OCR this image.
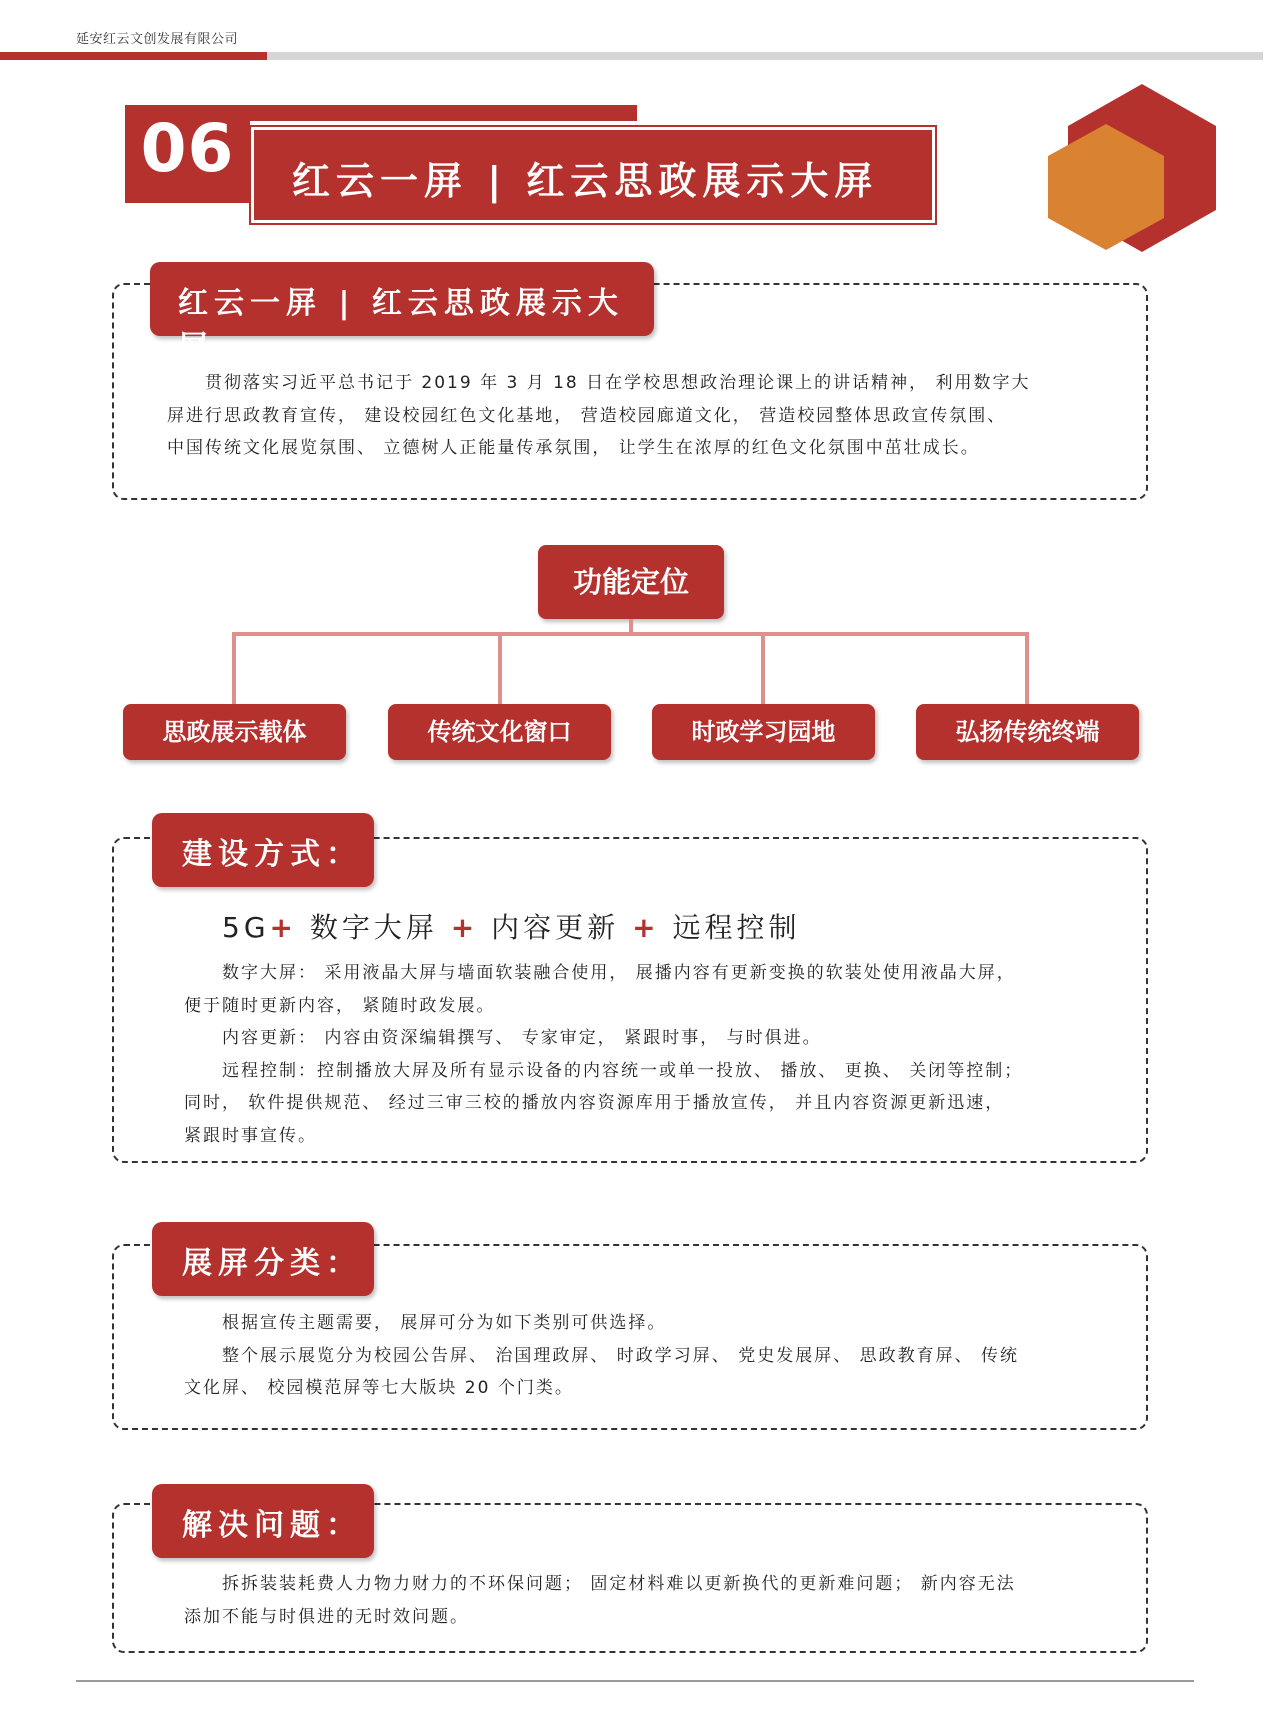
延安红云文创发展有限公司
06	红云一屏 | 红云思政展示大屏
红云一屏 | 红云思政展示大屏
　　贯彻落实习近平总书记于 2019 年 3 月 18 日在学校思想政治理论课上的讲话精神， 利用数字大
屏进行思政教育宣传， 建设校园红色文化基地， 营造校园廊道文化， 营造校园整体思政宣传氛围、
中国传统文化展览氛围、 立德树人正能量传承氛围， 让学生在浓厚的红色文化氛围中茁壮成长。
功能定位
思政展示载体	传统文化窗口	时政学习园地	弘扬传统终端
建设方式：
5G+ 数字大屏 + 内容更新 + 远程控制
　　数字大屏： 采用液晶大屏与墙面软装融合使用， 展播内容有更新变换的软装处使用液晶大屏，
便于随时更新内容， 紧随时政发展。
　　内容更新： 内容由资深编辑撰写、 专家审定， 紧跟时事， 与时俱进。
　　远程控制：控制播放大屏及所有显示设备的内容统一或单一投放、 播放、 更换、 关闭等控制；
同时， 软件提供规范、 经过三审三校的播放内容资源库用于播放宣传， 并且内容资源更新迅速，
紧跟时事宣传。
展屏分类：
　　根据宣传主题需要， 展屏可分为如下类别可供选择。
　　整个展示展览分为校园公告屏、 治国理政屏、 时政学习屏、 党史发展屏、 思政教育屏、 传统
文化屏、 校园模范屏等七大版块 20 个门类。
解决问题：
　　拆拆装装耗费人力物力财力的不环保问题； 固定材料难以更新换代的更新难问题； 新内容无法
添加不能与时俱进的无时效问题。
